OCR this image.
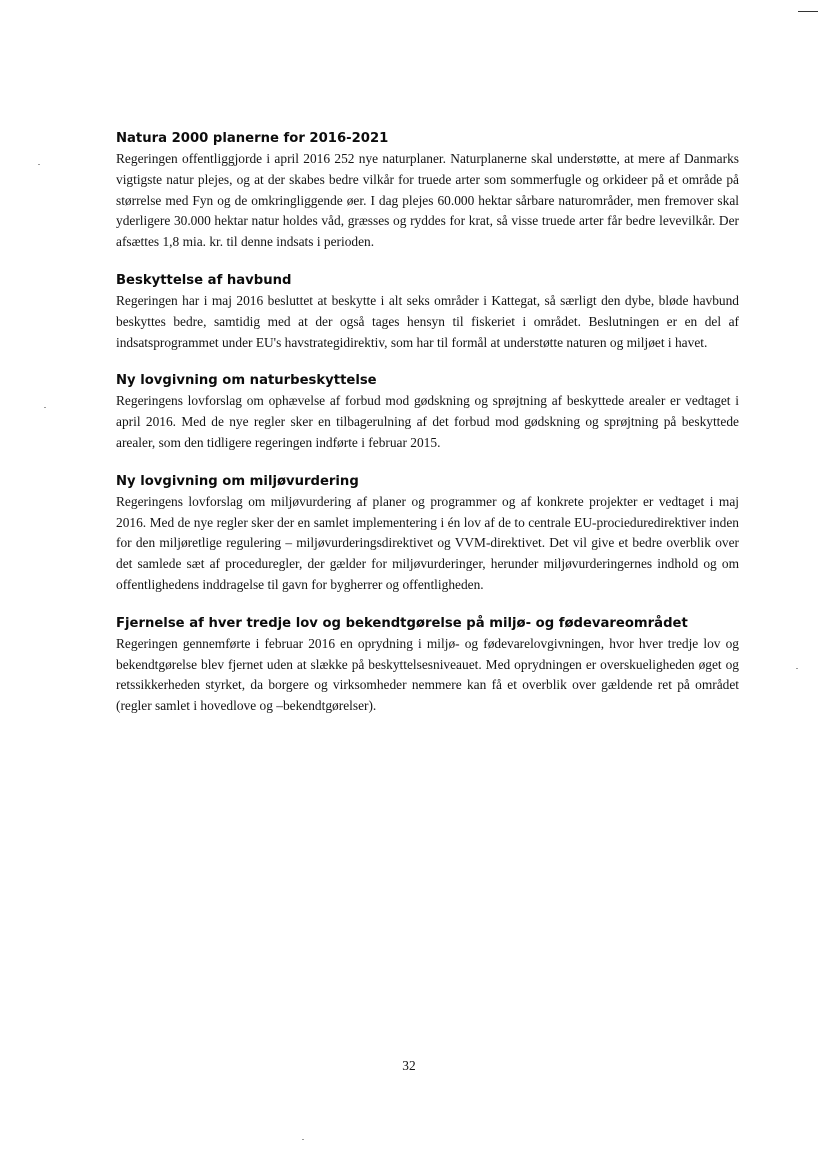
Natura 2000 planerne for 2016-2021

Regeringen offentliggjorde i april 2016 252 nye naturplaner. Naturplanerne skal understøtte, at mere af Danmarks vigtigste natur plejes, og at der skabes bedre vilkår for truede arter som sommerfugle og orkideer på et område på størrelse med Fyn og de omkringliggende øer. I dag plejes 60.000 hektar sårbare naturområder, men fremover skal yderligere 30.000 hektar natur holdes våd, græsses og ryddes for krat, så visse truede arter får bedre levevilkår. Der afsættes 1,8 mia. kr. til denne indsats i perioden.

Beskyttelse af havbund

Regeringen har i maj 2016 besluttet at beskytte i alt seks områder i Kattegat, så særligt den dybe, bløde havbund beskyttes bedre, samtidig med at der også tages hensyn til fiskeriet i området. Beslutningen er en del af indsatsprogrammet under EU's havstrategidirektiv, som har til formål at understøtte naturen og miljøet i havet.

Ny lovgivning om naturbeskyttelse

Regeringens lovforslag om ophævelse af forbud mod gødskning og sprøjtning af beskyttede arealer er vedtaget i april 2016. Med de nye regler sker en tilbagerulning af det forbud mod gødskning og sprøjtning på beskyttede arealer, som den tidligere regeringen indførte i februar 2015.

Ny lovgivning om miljøvurdering

Regeringens lovforslag om miljøvurdering af planer og programmer og af konkrete projekter er vedtaget i maj 2016. Med de nye regler sker der en samlet implementering i én lov af de to centrale EU-procieduredirektiver inden for den miljøretlige regulering – miljøvurderingsdirektivet og VVM-direktivet. Det vil give et bedre overblik over det samlede sæt af proceduregler, der gælder for miljøvurderinger, herunder miljøvurderingernes indhold og om offentlighedens inddragelse til gavn for bygherrer og offentligheden.

Fjernelse af hver tredje lov og bekendtgørelse på miljø- og fødevareområdet

Regeringen gennemførte i februar 2016 en oprydning i miljø- og fødevarelovgivningen, hvor hver tredje lov og bekendtgørelse blev fjernet uden at slække på beskyttelsesniveauet. Med oprydningen er overskueligheden øget og retssikkerheden styrket, da borgere og virksomheder nemmere kan få et overblik over gældende ret på området (regler samlet i hovedlove og –bekendtgørelser).

32
